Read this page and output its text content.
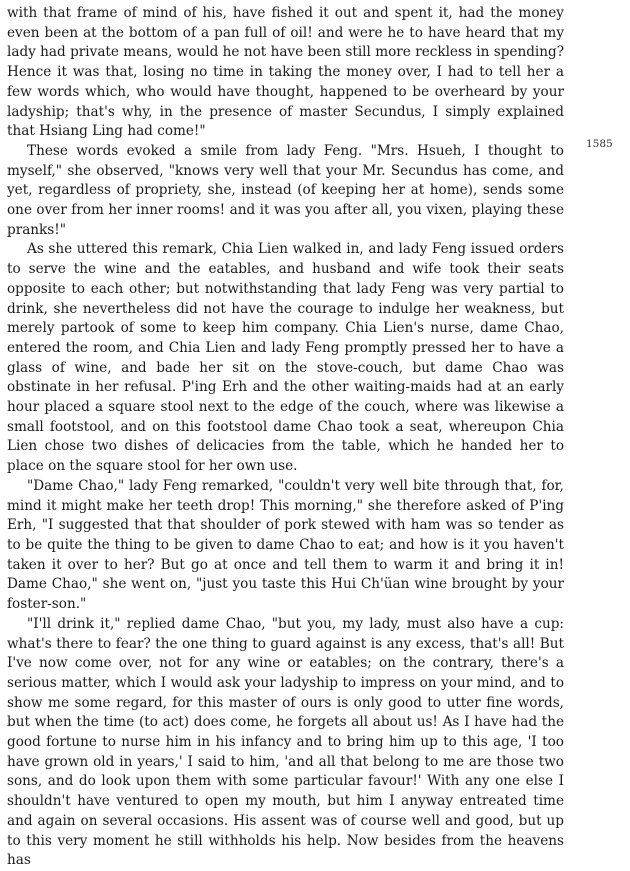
with that frame of mind of his, have fished it out and spent it, had the money even been at the bottom of a pan full of oil! and were he to have heard that my lady had private means, would he not have been still more reckless in spending? Hence it was that, losing no time in taking the money over, I had to tell her a few words which, who would have thought, happened to be overheard by your ladyship; that's why, in the presence of master Secundus, I simply explained that Hsiang Ling had come!"

These words evoked a smile from lady Feng. "Mrs. Hsueh, I thought to myself," she observed, "knows very well that your Mr. Secundus has come, and yet, regardless of propriety, she, instead (of keeping her at home), sends some one over from her inner rooms! and it was you after all, you vixen, playing these pranks!"

As she uttered this remark, Chia Lien walked in, and lady Feng issued orders to serve the wine and the eatables, and husband and wife took their seats opposite to each other; but notwithstanding that lady Feng was very partial to drink, she nevertheless did not have the courage to indulge her weakness, but merely partook of some to keep him company. Chia Lien's nurse, dame Chao, entered the room, and Chia Lien and lady Feng promptly pressed her to have a glass of wine, and bade her sit on the stove-couch, but dame Chao was obstinate in her refusal. P'ing Erh and the other waiting-maids had at an early hour placed a square stool next to the edge of the couch, where was likewise a small footstool, and on this footstool dame Chao took a seat, whereupon Chia Lien chose two dishes of delicacies from the table, which he handed her to place on the square stool for her own use.

"Dame Chao," lady Feng remarked, "couldn't very well bite through that, for, mind it might make her teeth drop! This morning," she therefore asked of P'ing Erh, "I suggested that that shoulder of pork stewed with ham was so tender as to be quite the thing to be given to dame Chao to eat; and how is it you haven't taken it over to her? But go at once and tell them to warm it and bring it in! Dame Chao," she went on, "just you taste this Hui Ch'üan wine brought by your foster-son."

"I'll drink it," replied dame Chao, "but you, my lady, must also have a cup: what's there to fear? the one thing to guard against is any excess, that's all! But I've now come over, not for any wine or eatables; on the contrary, there's a serious matter, which I would ask your ladyship to impress on your mind, and to show me some regard, for this master of ours is only good to utter fine words, but when the time (to act) does come, he forgets all about us! As I have had the good fortune to nurse him in his infancy and to bring him up to this age, 'I too have grown old in years,' I said to him, 'and all that belong to me are those two sons, and do look upon them with some particular favour!' With any one else I shouldn't have ventured to open my mouth, but him I anyway entreated time and again on several occasions. His assent was of course well and good, but up to this very moment he still withholds his help. Now besides from the heavens has

1585
